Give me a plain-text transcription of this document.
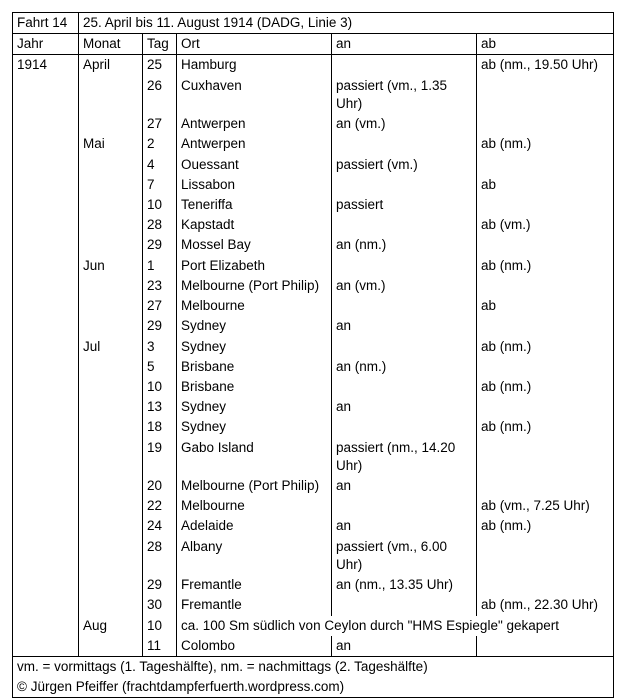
Fahrt 14	25. April bis 11. August 1914 (DADG, Linie 3)				
Jahr	Monat	Tag	Ort	an	ab
1914	April	25	Hamburg		ab (nm., 19.50 Uhr)
		26	Cuxhaven	passiert (vm., 1.35 Uhr)	
		27	Antwerpen	an (vm.)	
	Mai	2	Antwerpen		ab (nm.)
		4	Ouessant	passiert (vm.)	
		7	Lissabon		ab
		10	Teneriffa	passiert	
		28	Kapstadt		ab (vm.)
		29	Mossel Bay	an (nm.)	
	Jun	1	Port Elizabeth		ab (nm.)
		23	Melbourne (Port Philip)	an (vm.)	
		27	Melbourne		ab
		29	Sydney	an	
	Jul	3	Sydney		ab (nm.)
		5	Brisbane	an (nm.)	
		10	Brisbane		ab (nm.)
		13	Sydney	an	
		18	Sydney		ab (nm.)
		19	Gabo Island	passiert (nm., 14.20 Uhr)	
		20	Melbourne (Port Philip)	an	
		22	Melbourne		ab (vm., 7.25 Uhr)
		24	Adelaide	an	ab (nm.)
		28	Albany	passiert (vm., 6.00 Uhr)	
		29	Fremantle	an (nm., 13.35 Uhr)	
		30	Fremantle		ab (nm., 22.30 Uhr)
	Aug	10	ca. 100 Sm südlich von Ceylon durch "HMS Espiegle" gekapert		
		11	Colombo	an	
vm. = vormittags (1. Tageshälfte), nm. = nachmittags (2. Tageshälfte)					
© Jürgen Pfeiffer (frachtdampferfuerth.wordpress.com)					
